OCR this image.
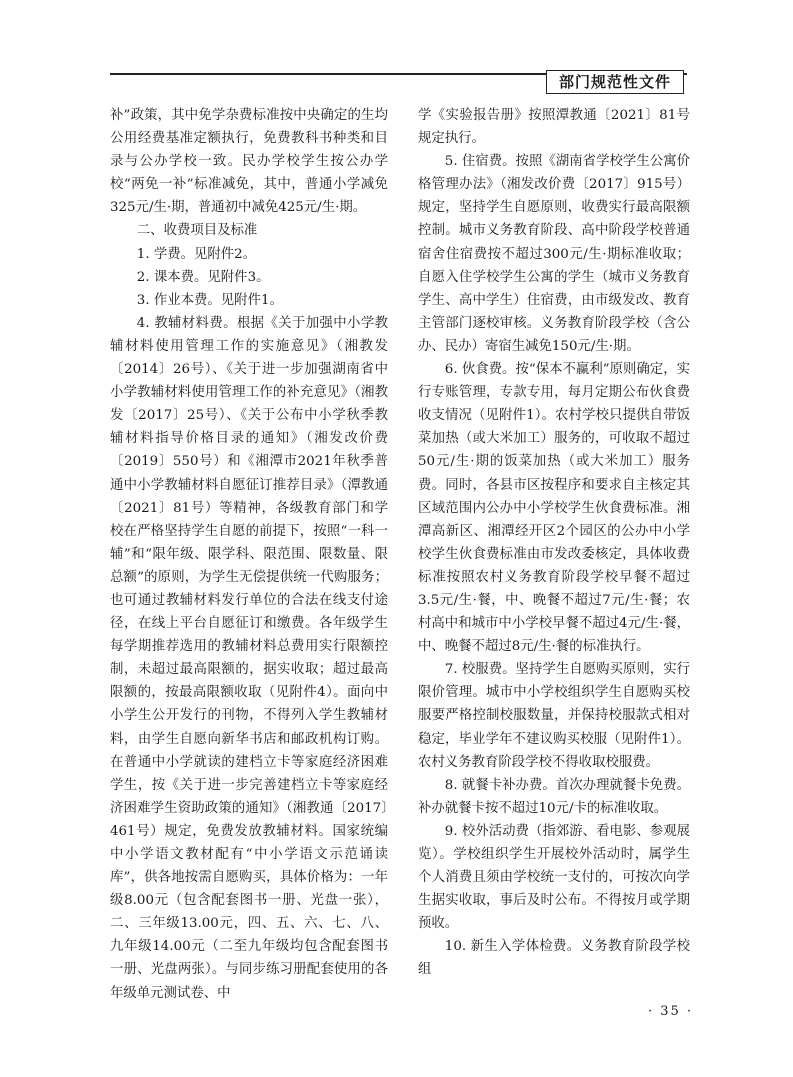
部门规范性文件

补”政策，其中免学杂费标准按中央确定的生均公用经费基准定额执行，免费教科书种类和目录与公办学校一致。民办学校学生按公办学校“两免一补”标准减免，其中，普通小学减免325元/生·期，普通初中减免425元/生·期。

二、收费项目及标准

1. 学费。见附件2。

2. 课本费。见附件3。

3. 作业本费。见附件1。

4. 教辅材料费。根据《关于加强中小学教辅材料使用管理工作的实施意见》（湘教发〔2014〕26号）、《关于进一步加强湖南省中小学教辅材料使用管理工作的补充意见》（湘教发〔2017〕25号）、《关于公布中小学秋季教辅材料指导价格目录的通知》（湘发改价费〔2019〕550号）和《湘潭市2021年秋季普通中小学教辅材料自愿征订推荐目录》（潭教通〔2021〕81号）等精神，各级教育部门和学校在严格坚持学生自愿的前提下，按照“一科一辅”和“限年级、限学科、限范围、限数量、限总额”的原则，为学生无偿提供统一代购服务；也可通过教辅材料发行单位的合法在线支付途径，在线上平台自愿征订和缴费。各年级学生每学期推荐选用的教辅材料总费用实行限额控制，未超过最高限额的，据实收取；超过最高限额的，按最高限额收取（见附件4）。面向中小学生公开发行的刊物，不得列入学生教辅材料，由学生自愿向新华书店和邮政机构订购。在普通中小学就读的建档立卡等家庭经济困难学生，按《关于进一步完善建档立卡等家庭经济困难学生资助政策的通知》（湘教通〔2017〕461号）规定，免费发放教辅材料。国家统编中小学语文教材配有“中小学语文示范诵读库”，供各地按需自愿购买，具体价格为：一年级8.00元（包含配套图书一册、光盘一张），二、三年级13.00元，四、五、六、七、八、九年级14.00元（二至九年级均包含配套图书一册、光盘两张）。与同步练习册配套使用的各年级单元测试卷、中

学《实验报告册》按照潭教通〔2021〕81号规定执行。

5. 住宿费。按照《湖南省学校学生公寓价格管理办法》（湘发改价费〔2017〕915号）规定，坚持学生自愿原则，收费实行最高限额控制。城市义务教育阶段、高中阶段学校普通宿舍住宿费按不超过300元/生·期标准收取；自愿入住学校学生公寓的学生（城市义务教育学生、高中学生）住宿费，由市级发改、教育主管部门逐校审核。义务教育阶段学校（含公办、民办）寄宿生减免150元/生·期。

6. 伙食费。按“保本不赢利”原则确定，实行专账管理，专款专用，每月定期公布伙食费收支情况（见附件1）。农村学校只提供自带饭菜加热（或大米加工）服务的，可收取不超过50元/生·期的饭菜加热（或大米加工）服务费。同时，各县市区按程序和要求自主核定其区域范围内公办中小学校学生伙食费标准。湘潭高新区、湘潭经开区2个园区的公办中小学校学生伙食费标准由市发改委核定，具体收费标准按照农村义务教育阶段学校早餐不超过3.5元/生·餐，中、晚餐不超过7元/生·餐；农村高中和城市中小学校早餐不超过4元/生·餐，中、晚餐不超过8元/生·餐的标准执行。

7. 校服费。坚持学生自愿购买原则，实行限价管理。城市中小学校组织学生自愿购买校服要严格控制校服数量，并保持校服款式相对稳定，毕业学年不建议购买校服（见附件1）。农村义务教育阶段学校不得收取校服费。

8. 就餐卡补办费。首次办理就餐卡免费。补办就餐卡按不超过10元/卡的标准收取。

9. 校外活动费（指郊游、看电影、参观展览）。学校组织学生开展校外活动时，属学生个人消费且须由学校统一支付的，可按次向学生据实收取，事后及时公布。不得按月或学期预收。

10. 新生入学体检费。义务教育阶段学校组

· 35 ·
